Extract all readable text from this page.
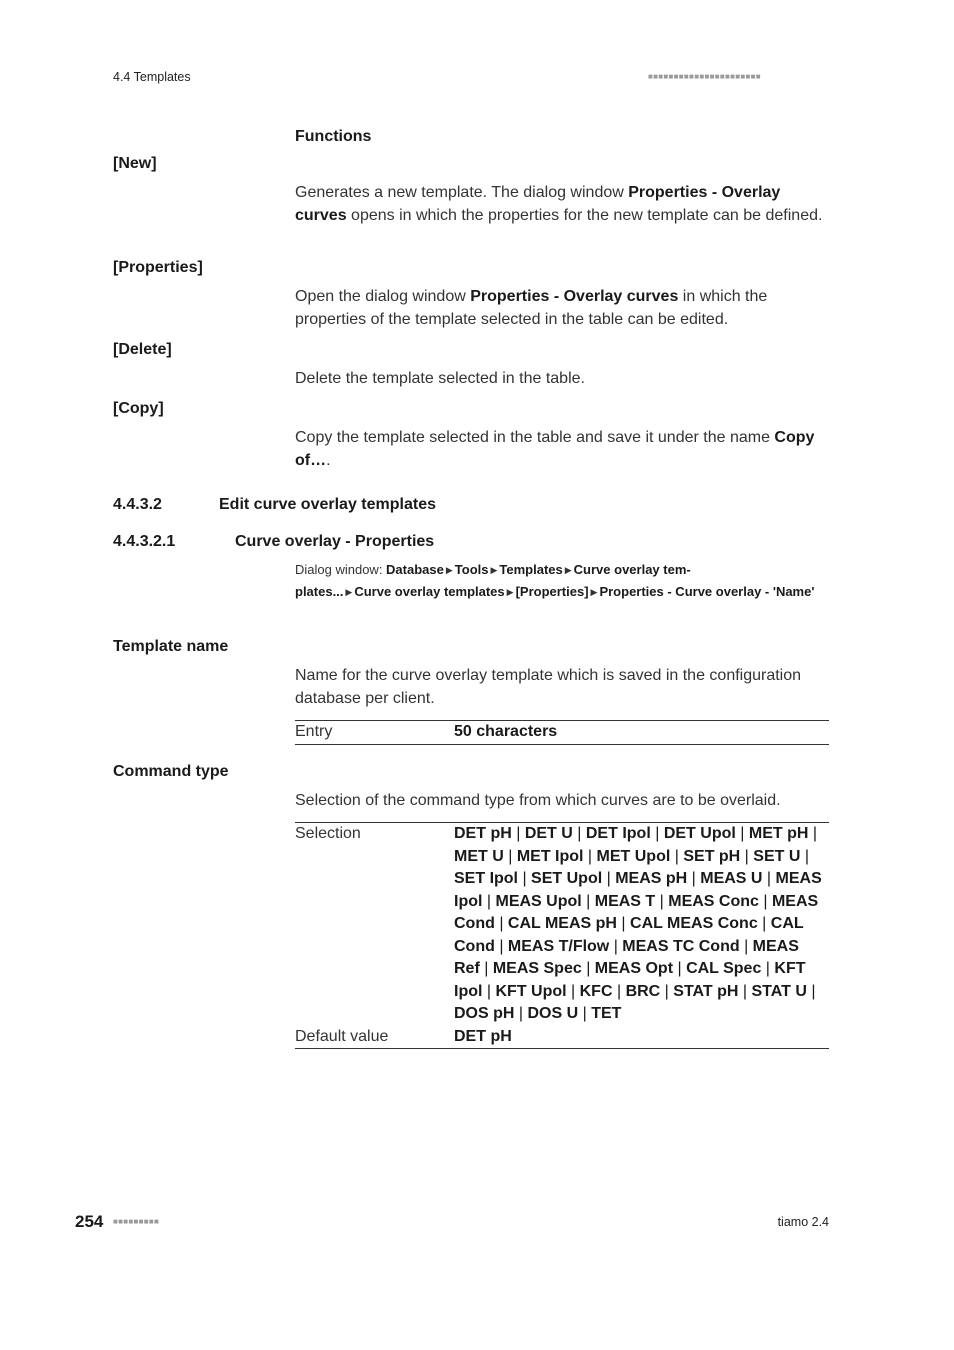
4.4 Templates	■■■■■■■■■■■■■■■■■■■■■■
Functions
[New]
Generates a new template. The dialog window Properties - Overlay curves opens in which the properties for the new template can be defined.
[Properties]
Open the dialog window Properties - Overlay curves in which the properties of the template selected in the table can be edited.
[Delete]
Delete the template selected in the table.
[Copy]
Copy the template selected in the table and save it under the name Copy of….
4.4.3.2	Edit curve overlay templates
4.4.3.2.1	Curve overlay - Properties
Dialog window: Database ▶ Tools ▶ Templates ▶ Curve overlay tem-
plates... ▶ Curve overlay templates ▶ [Properties] ▶ Properties - Curve overlay - 'Name'
Template name
Name for the curve overlay template which is saved in the configuration database per client.
Entry	50 characters
Command type
Selection of the command type from which curves are to be overlaid.
Selection	DET pH | DET U | DET Ipol | DET Upol | MET pH | MET U | MET Ipol | MET Upol | SET pH | SET U | SET Ipol | SET Upol | MEAS pH | MEAS U | MEAS Ipol | MEAS Upol | MEAS T | MEAS Conc | MEAS Cond | CAL MEAS pH | CAL MEAS Conc | CAL Cond | MEAS T/Flow | MEAS TC Cond | MEAS Ref | MEAS Spec | MEAS Opt | CAL Spec | KFT Ipol | KFT Upol | KFC | BRC | STAT pH | STAT U | DOS pH | DOS U | TET
Default value	DET pH
254 ■■■■■■■■■	tiamo 2.4
